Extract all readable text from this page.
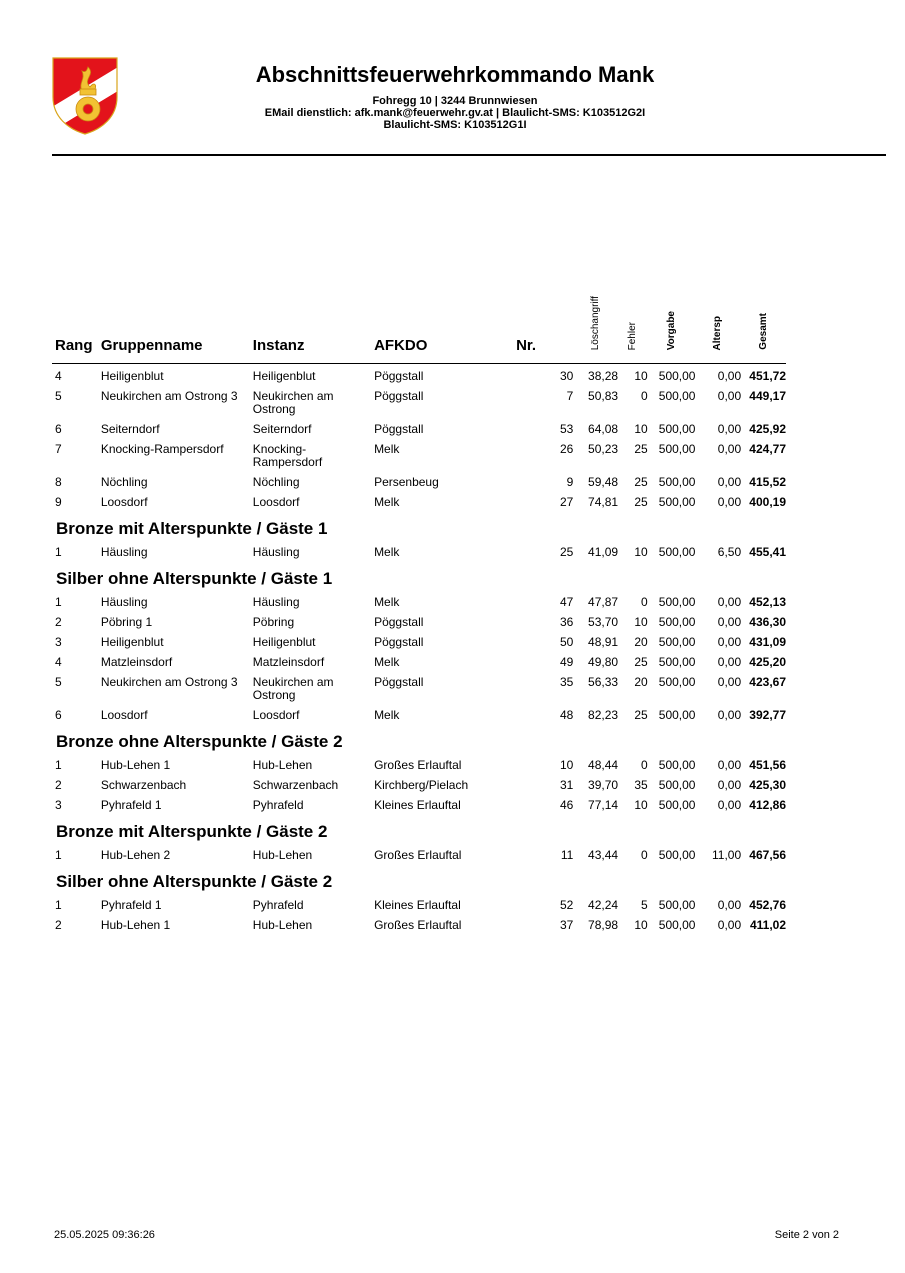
Abschnittsfeuerwehrkommando Mank
Fohregg 10 | 3244 Brunnwiesen
EMail dienstlich: afk.mank@feuerwehr.gv.at | Blaulicht-SMS: K103512G2I
Blaulicht-SMS: K103512G1I
Rang	Gruppenname	Instanz	AFKDO	Nr.	Löschangriff	Fehler	Vorgabe	Altersp	Gesamt
4	Heiligenblut	Heiligenblut	Pöggstall	30	38,28	10	500,00	0,00	451,72
5	Neukirchen am Ostrong 3	Neukirchen am Ostrong	Pöggstall	7	50,83	0	500,00	0,00	449,17
6	Seiterndorf	Seiterndorf	Pöggstall	53	64,08	10	500,00	0,00	425,92
7	Knocking-Rampersdorf	Knocking-Rampersdorf	Melk	26	50,23	25	500,00	0,00	424,77
8	Nöchling	Nöchling	Persenbeug	9	59,48	25	500,00	0,00	415,52
9	Loosdorf	Loosdorf	Melk	27	74,81	25	500,00	0,00	400,19
Bronze mit Alterspunkte / Gäste 1									
1	Häusling	Häusling	Melk	25	41,09	10	500,00	6,50	455,41
Silber ohne Alterspunkte / Gäste 1									
1	Häusling	Häusling	Melk	47	47,87	0	500,00	0,00	452,13
2	Pöbring 1	Pöbring	Pöggstall	36	53,70	10	500,00	0,00	436,30
3	Heiligenblut	Heiligenblut	Pöggstall	50	48,91	20	500,00	0,00	431,09
4	Matzleinsdorf	Matzleinsdorf	Melk	49	49,80	25	500,00	0,00	425,20
5	Neukirchen am Ostrong 3	Neukirchen am Ostrong	Pöggstall	35	56,33	20	500,00	0,00	423,67
6	Loosdorf	Loosdorf	Melk	48	82,23	25	500,00	0,00	392,77
Bronze ohne Alterspunkte / Gäste 2									
1	Hub-Lehen 1	Hub-Lehen	Großes Erlauftal	10	48,44	0	500,00	0,00	451,56
2	Schwarzenbach	Schwarzenbach	Kirchberg/Pielach	31	39,70	35	500,00	0,00	425,30
3	Pyhrafeld 1	Pyhrafeld	Kleines Erlauftal	46	77,14	10	500,00	0,00	412,86
Bronze mit Alterspunkte / Gäste 2									
1	Hub-Lehen 2	Hub-Lehen	Großes Erlauftal	11	43,44	0	500,00	11,00	467,56
Silber ohne Alterspunkte / Gäste 2									
1	Pyhrafeld 1	Pyhrafeld	Kleines Erlauftal	52	42,24	5	500,00	0,00	452,76
2	Hub-Lehen 1	Hub-Lehen	Großes Erlauftal	37	78,98	10	500,00	0,00	411,02
25.05.2025 09:36:26	Seite 2 von 2
